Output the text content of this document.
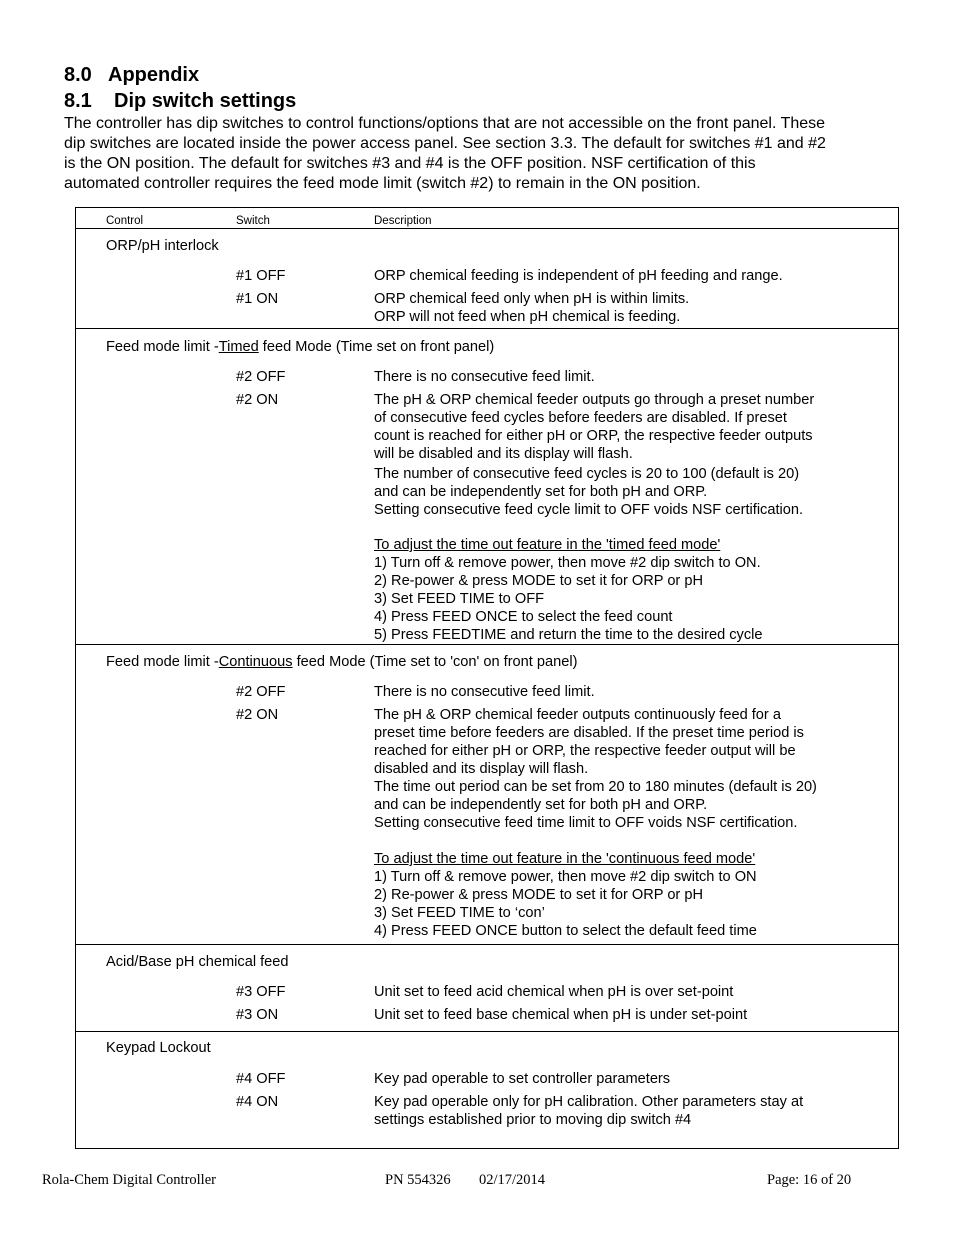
8.0 Appendix
8.1 Dip switch settings
The controller has dip switches to control functions/options that are not accessible on the front panel. These
dip switches are located inside the power access panel. See section 3.3. The default for switches #1 and #2
is the ON position. The default for switches #3 and #4 is the OFF position. NSF certification of this
automated controller requires the feed mode limit (switch #2) to remain in the ON position.
Control	Switch	Description
ORP/pH interlock
#1 OFF	ORP chemical feeding is independent of pH feeding and range.
#1 ON	ORP chemical feed only when pH is within limits.
ORP will not feed when pH chemical is feeding.
Feed mode limit -Timed feed Mode (Time set on front panel)
#2 OFF	There is no consecutive feed limit.
#2 ON	The pH & ORP chemical feeder outputs go through a preset number
of consecutive feed cycles before feeders are disabled. If preset
count is reached for either pH or ORP, the respective feeder outputs
will be disabled and its display will flash.
The number of consecutive feed cycles is 20 to 100 (default is 20)
and can be independently set for both pH and ORP.
Setting consecutive feed cycle limit to OFF voids NSF certification.
To adjust the time out feature in the 'timed feed mode'
1) Turn off & remove power, then move #2 dip switch to ON.
2) Re-power & press MODE to set it for ORP or pH
3) Set FEED TIME to OFF
4) Press FEED ONCE to select the feed count
5) Press FEEDTIME and return the time to the desired cycle
Feed mode limit -Continuous feed Mode (Time set to 'con' on front panel)
#2 OFF	There is no consecutive feed limit.
#2 ON	The pH & ORP chemical feeder outputs continuously feed for a
preset time before feeders are disabled. If the preset time period is
reached for either pH or ORP, the respective feeder output will be
disabled and its display will flash.
The time out period can be set from 20 to 180 minutes (default is 20)
and can be independently set for both pH and ORP.
Setting consecutive feed time limit to OFF voids NSF certification.
To adjust the time out feature in the 'continuous feed mode'
1) Turn off & remove power, then move #2 dip switch to ON
2) Re-power & press MODE to set it for ORP or pH
3) Set FEED TIME to ‘con’
4) Press FEED ONCE button to select the default feed time
Acid/Base pH chemical feed
#3 OFF	Unit set to feed acid chemical when pH is over set-point
#3 ON	Unit set to feed base chemical when pH is under set-point
Keypad Lockout
#4 OFF	Key pad operable to set controller parameters
#4 ON	Key pad operable only for pH calibration. Other parameters stay at
settings established prior to moving dip switch #4
Rola-Chem Digital Controller	PN 554326 02/17/2014	Page: 16 of 20
